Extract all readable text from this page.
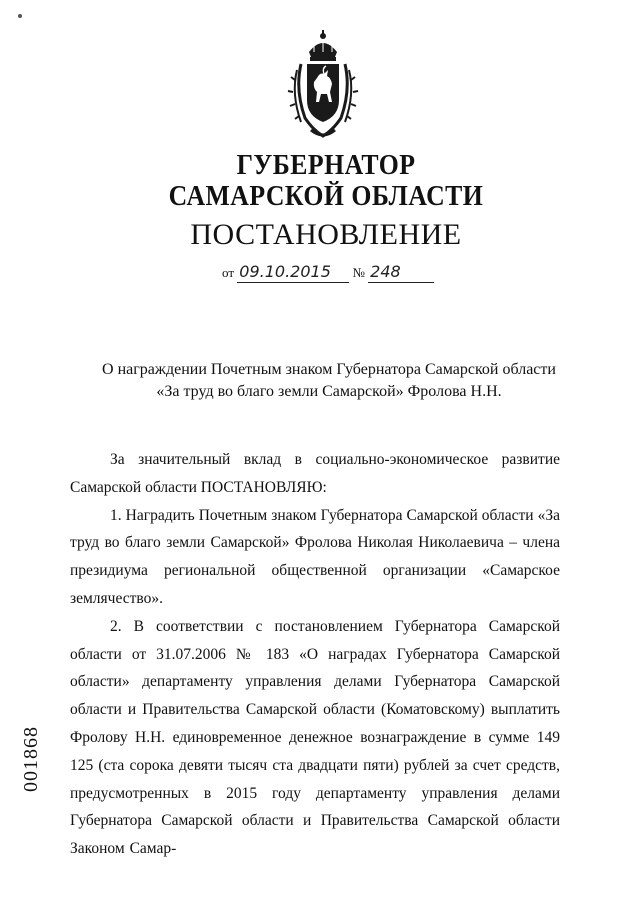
ГУБЕРНАТОР
САМАРСКОЙ ОБЛАСТИ
ПОСТАНОВЛЕНИЕ
от 09.10.2015 № 248
О награждении Почетным знаком Губернатора Самарской области
«За труд во благо земли Самарской» Фролова Н.Н.

За значительный вклад в социально-экономическое развитие Самарской области ПОСТАНОВЛЯЮ:

1. Наградить Почетным знаком Губернатора Самарской области «За труд во благо земли Самарской» Фролова Николая Николаевича – члена президиума региональной общественной организации «Самарское землячество».

2. В соответствии с постановлением Губернатора Самарской области от 31.07.2006 № 183 «О наградах Губернатора Самарской области» департаменту управления делами Губернатора Самарской области и Правительства Самарской области (Коматовскому) выплатить Фролову Н.Н. единовременное денежное вознаграждение в сумме 149 125 (ста сорока девяти тысяч ста двадцати пяти) рублей за счет средств, предусмотренных в 2015 году департаменту управления делами Губернатора Самарской области и Правительства Самарской области Законом Самар-

001868
